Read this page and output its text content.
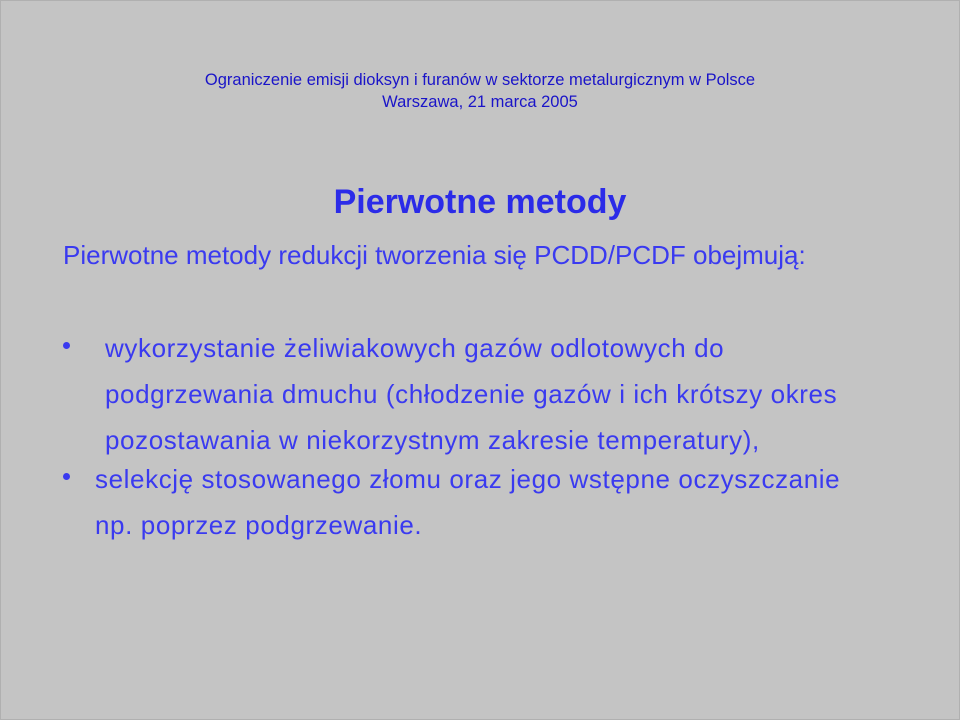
Ograniczenie emisji dioksyn i furanów w sektorze metalurgicznym w Polsce
Warszawa, 21 marca 2005
Pierwotne metody
Pierwotne metody redukcji tworzenia się PCDD/PCDF obejmują:
wykorzystanie żeliwiakowych gazów odlotowych do podgrzewania dmuchu (chłodzenie gazów i ich krótszy okres pozostawania w niekorzystnym zakresie temperatury),
selekcję stosowanego złomu oraz jego wstępne oczyszczanie np. poprzez podgrzewanie.
